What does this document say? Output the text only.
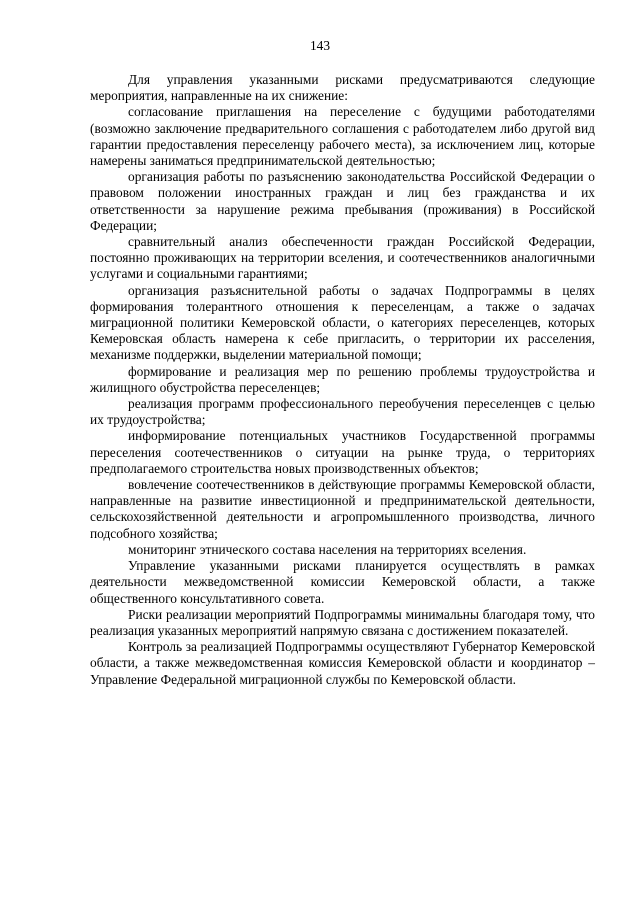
143

Для управления указанными рисками предусматриваются следующие мероприятия, направленные на их снижение:

согласование приглашения на переселение с будущими работодателями (возможно заключение предварительного соглашения с работодателем либо другой вид гарантии предоставления переселенцу рабочего места), за исключением лиц, которые намерены заниматься предпринимательской деятельностью;

организация работы по разъяснению законодательства Российской Федерации о правовом положении иностранных граждан и лиц без гражданства и их ответственности за нарушение режима пребывания (проживания) в Российской Федерации;

сравнительный анализ обеспеченности граждан Российской Федерации, постоянно проживающих на территории вселения, и соотечественников аналогичными услугами и социальными гарантиями;

организация разъяснительной работы о задачах Подпрограммы в целях формирования толерантного отношения к переселенцам, а также о задачах миграционной политики Кемеровской области, о категориях переселенцев, которых Кемеровская область намерена к себе пригласить, о территории их расселения, механизме поддержки, выделении материальной помощи;

формирование и реализация мер по решению проблемы трудоустройства и жилищного обустройства переселенцев;

реализация программ профессионального переобучения переселенцев с целью их трудоустройства;

информирование потенциальных участников Государственной программы переселения соотечественников о ситуации на рынке труда, о территориях предполагаемого строительства новых производственных объектов;

вовлечение соотечественников в действующие программы Кемеровской области, направленные на развитие инвестиционной и предпринимательской деятельности, сельскохозяйственной деятельности и агропромышленного производства, личного подсобного хозяйства;

мониторинг этнического состава населения на территориях вселения.

Управление указанными рисками планируется осуществлять в рамках деятельности межведомственной комиссии Кемеровской области, а также общественного консультативного совета.

Риски реализации мероприятий Подпрограммы минимальны благодаря тому, что реализация указанных мероприятий напрямую связана с достижением показателей.

Контроль за реализацией Подпрограммы осуществляют Губернатор Кемеровской области, а также межведомственная комиссия Кемеровской области и координатор – Управление Федеральной миграционной службы по Кемеровской области.
